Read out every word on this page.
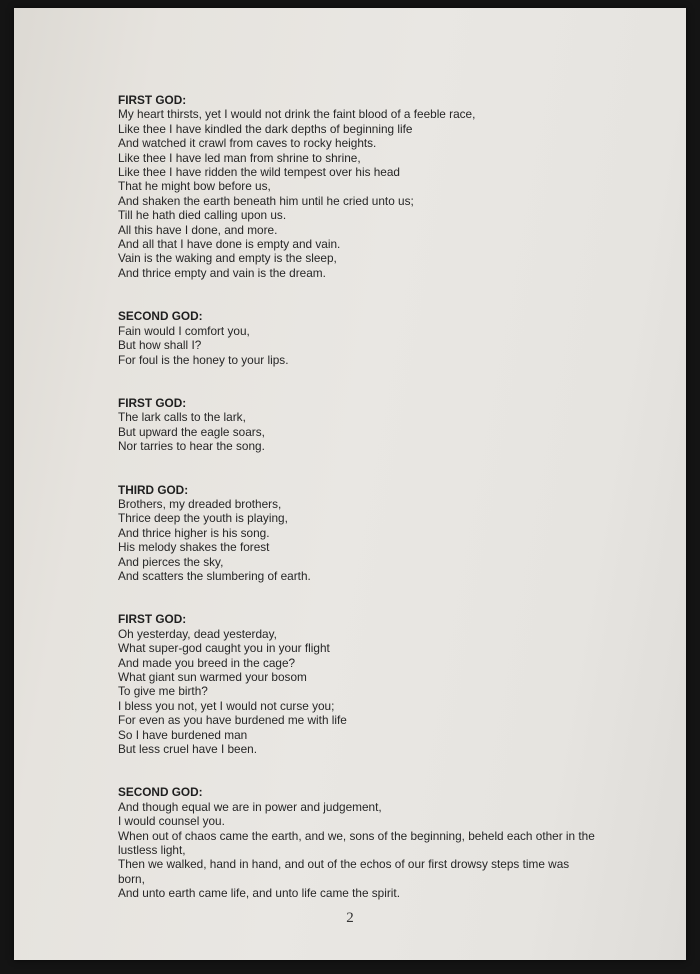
FIRST GOD:
My heart thirsts, yet I would not drink the faint blood of a feeble race,
Like thee I have kindled the dark depths of beginning life
And watched it crawl from caves to rocky heights.
Like thee I have led man from shrine to shrine,
Like thee I have ridden the wild tempest over his head
That he might bow before us,
And shaken the earth beneath him until he cried unto us;
Till he hath died calling upon us.
All this have I done, and more.
And all that I have done is empty and vain.
Vain is the waking and empty is the sleep,
And thrice empty and vain is the dream.
SECOND GOD:
Fain would I comfort you,
But how shall I?
For foul is the honey to your lips.
FIRST GOD:
The lark calls to the lark,
But upward the eagle soars,
Nor tarries to hear the song.
THIRD GOD:
Brothers, my dreaded brothers,
Thrice deep the youth is playing,
And thrice higher is his song.
His melody shakes the forest
And pierces the sky,
And scatters the slumbering of earth.
FIRST GOD:
Oh yesterday, dead yesterday,
What super-god caught you in your flight
And made you breed in the cage?
What giant sun warmed your bosom
To give me birth?
I bless you not, yet I would not curse you;
For even as you have burdened me with life
So I have burdened man
But less cruel have I been.
SECOND GOD:
And though equal we are in power and judgement,
I would counsel you.
When out of chaos came the earth, and we, sons of the beginning, beheld each other in the lustless light,
Then we walked, hand in hand, and out of the echos of our first drowsy steps time was born,
And unto earth came life, and unto life came the spirit.
2
